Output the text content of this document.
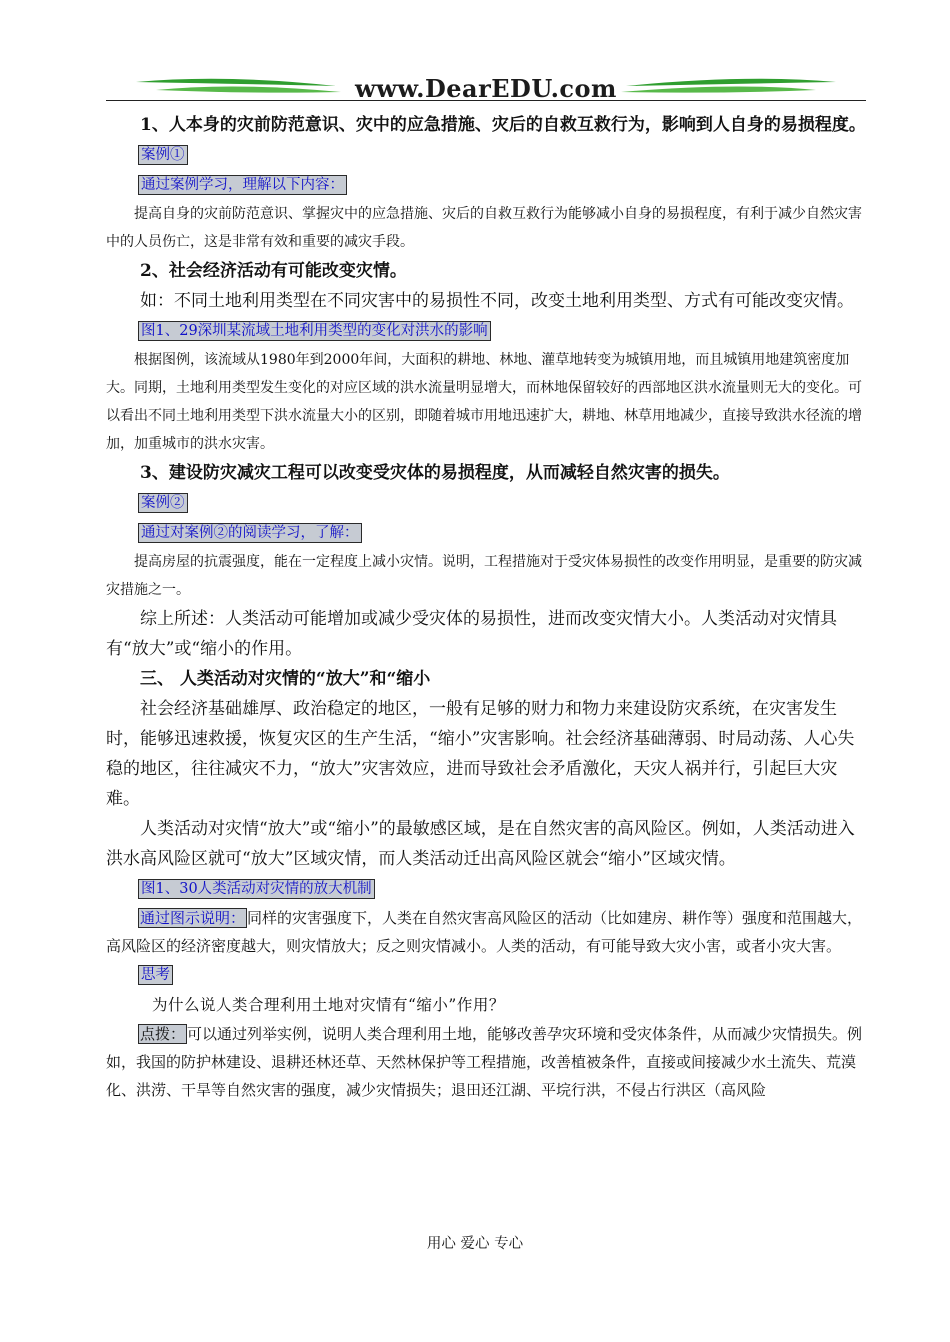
www.DearEDU.com

1、人本身的灾前防范意识、灾中的应急措施、灾后的自救互救行为，影响到人自身的易损程度。

案例①
通过案例学习，理解以下内容：

提高自身的灾前防范意识、掌握灾中的应急措施、灾后的自救互救行为能够减小自身的易损程度，有利于减少自然灾害中的人员伤亡，这是非常有效和重要的减灾手段。

2、社会经济活动有可能改变灾情。

如：不同土地利用类型在不同灾害中的易损性不同，改变土地利用类型、方式有可能改变灾情。

图1、29深圳某流域土地利用类型的变化对洪水的影响

根据图例，该流域从1980年到2000年间，大面积的耕地、林地、灌草地转变为城镇用地，而且城镇用地建筑密度加大。同期，土地利用类型发生变化的对应区域的洪水流量明显增大，而林地保留较好的西部地区洪水流量则无大的变化。可以看出不同土地利用类型下洪水流量大小的区别，即随着城市用地迅速扩大，耕地、林草用地减少，直接导致洪水径流的增加，加重城市的洪水灾害。

3、建设防灾减灾工程可以改变受灾体的易损程度，从而减轻自然灾害的损失。

案例②
通过对案例②的阅读学习，了解：

提高房屋的抗震强度，能在一定程度上减小灾情。说明，工程措施对于受灾体易损性的改变作用明显，是重要的防灾减灾措施之一。

综上所述：人类活动可能增加或减少受灾体的易损性，进而改变灾情大小。人类活动对灾情具有“放大”或“缩小的作用。

三、 人类活动对灾情的“放大”和“缩小

社会经济基础雄厚、政治稳定的地区，一般有足够的财力和物力来建设防灾系统，在灾害发生时，能够迅速救援，恢复灾区的生产生活，“缩小”灾害影响。社会经济基础薄弱、时局动荡、人心失稳的地区，往往减灾不力，“放大”灾害效应，进而导致社会矛盾激化，天灾人祸并行，引起巨大灾难。

人类活动对灾情“放大”或“缩小”的最敏感区域，是在自然灾害的高风险区。例如，人类活动进入洪水高风险区就可“放大”区域灾情，而人类活动迁出高风险区就会“缩小”区域灾情。

图1、30人类活动对灾情的放大机制

通过图示说明： 同样的灾害强度下，人类在自然灾害高风险区的活动（比如建房、耕作等）强度和范围越大，高风险区的经济密度越大，则灾情放大；反之则灾情减小。人类的活动，有可能导致大灾小害，或者小灾大害。

思考

为什么说人类合理利用土地对灾情有“缩小”作用？

点拨： 可以通过列举实例，说明人类合理利用土地，能够改善孕灾环境和受灾体条件，从而减少灾情损失。例如，我国的防护林建设、退耕还林还草、天然林保护等工程措施，改善植被条件，直接或间接减少水土流失、荒漠化、洪涝、干旱等自然灾害的强度，减少灾情损失；退田还江湖、平垸行洪，不侵占行洪区（高风险

用心 爱心 专心
